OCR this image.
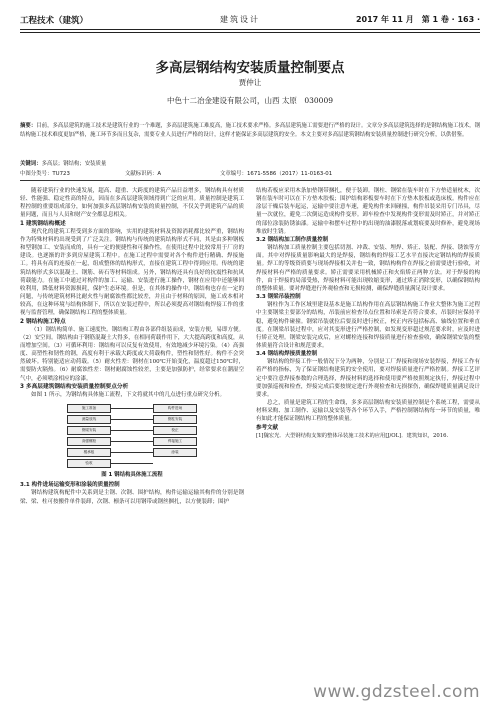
工程技术（建筑）	建筑设计	2017 年 11 月　第 1 卷 · 163 ·
多高层钢结构安装质量控制要点
贾仲让
中色十二冶金建设有限公司，山西 太原　030009
摘要：目前，多高层建筑的施工技术是建筑行业的一个难题，多高层建筑施工难度高，施工技术要求严格。多高层建筑施工需要进行严格的设计。文章分多高层建筑选择的是钢结构施工技术，钢结构施工技术难度更加严格，施工环节多而且复杂，需要专业人员进行严格的设计，这样才能保证多高层建筑的安全。本文主要对多高层建筑钢结构安装质量控制进行研究分析，以供借鉴。
关键词：多高层；钢结构；安装质量
中图分类号：TU723	文献标识码：A	文章编号：1671-5586（2017）11-0163-01

随着建筑行业的快速发展，超高、超重、大跨度的建筑产品日益增多，钢结构具有材质轻、性能强、稳定性高的特点，因而在多高层建筑领域得到广泛的应用。质量控制是建筑工程控制的重要组成部分，如何加强多高层钢结构安装的质量控制，不仅关乎到建筑产品的质量问题，而且与人员和财产安全都息息相关。

1 建筑钢结构概述

现代化的建筑工程受到多方面的影响，实用的建筑材料及资源消耗都比较严重，钢结构作为特殊材料的出现受到了广泛关注。钢结构与传统的建筑结构形式不同，其是由多种钢板和型钢加工、安装而成的，具有一定的便捷性和可操作性，在使用过程中比较常用于厂房的建设。也逐渐的许多到房屋建筑工程中。在施工过程中需要对各个构件进行精确、焊接施工。将具有高的连接在一起，组成整体的结构形式，直接在建筑工程中得到应用。传统的建筑结构形式多以混凝土、钢筋、砖石等材料组成。另外，钢结构还具有良好的抗震性和抗风荷载能力。在施工中通过对构件的加工、运输、安装进行施工操作，钢材在应用中还能够回收利用，降低材料资源损耗，保护生态环境。但是，在其体的操作中，钢结构也存在一定的问题，与传统建筑材料比耐火性与耐腐蚀性都比较差，并且由于材料的原因，施工成本相对较高，在这种环境与结构体制下，所以在安装过程中，所以必须提高对钢结构焊接工作的重视与监督管理，确保钢结构工程的整体质量。

2 钢结构施工特点

（1）钢结构简单、施工速度快。钢结构工程由各部件组装而成，安装方便，易即方便。（2）安空间。钢结构由于钢筋混凝土大得多，在相同荷载作用下，大大提高跨度和高度，从而增加空间。（3）可循环利用：钢结构可以反复有效使用，有效地减少环境污染。（4）高强度、高塑性和韧性的钢，高度有利于承载大跨度或大荷载构件，塑性和韧性好。构件不会突然破坏。特别能适应动荷载。（5）耐火性差：钢材在100℃开始变化，温度超过150℃时，需要防火隔热。（6）耐腐蚀性差：钢材耐腐蚀性较差，主要是加强防护，经常要求在潮湿空气中，必须喷涂相应的涂漆。

3 多高层建筑钢结构安装质量控制要点分析

如图 1 所示，为钢结构具体施工流程，下文将就其中的几点进行重点研究分析。

施工准备	构件进场
测量放线	钢柱安装
钢梁安装	校正
高强螺栓	焊接施工
楼承板	涂装
验收
图 1 钢结构具体施工流程
3.1 构件进场运输变形和涂装的质量控制

钢结构建筑构配件中关系到是主钢、次钢、围护结构，构件运输运输其构件的分别是钢梁、梁、柱可按搬件单件装卸，次钢、檩条可以用钢带或钢丝捆扎，以方便装卸；围护

结构若板应采用木条加垫钢带捆扎，便于装卸。钢柱、钢梁在装车时在下方垫适量枕木，次钢在装车时可以在下方垫木胶板；围护结构彩板要车时在下方垫木胶板或选床板。构件应在涂层干燥后装车起运，运输中要注意车速，避免构件来回碰撞，构件吊装采用专门吊具，尽量一次就位，避免二次倒运造成构件变形。卸车检查中发现构件变形需及时矫正，并对矫正的部位涂装防锈油漆。运输中和摆车过程中的出现的油漆脱落或划痕要及时修补，避免现场堆放时生锈。

3.2 钢结构加工制作质量控制

钢结构加工质量控制主要包括切割、冲裁、安装、埋焊、矫正、装配、焊接、锈蚀等方面。其中对焊接质量影响最大的是焊接，钢结构的焊接工艺水平直接决定钢结构的焊接质量。焊工的等级资质要与现场焊接相关并也一致，钢结构构件在焊接之前需要进行验收，对焊接材料有严格的质量要求。矫正需要采用机械矫正和火焰矫正两种方法。对于焊接的构件，由于焊接的局部受热，焊接材料可能出现收缩变形，通过矫正消除变形，以确保钢结构的整体质量。要对焊缝进行外观检查和无损检测，确保焊缝质量满足设计要求。

3.3 钢梁吊装控制

钢柱作为工作区域里建设基本是施工结构作用在高层钢结构施工作业大整体为施工过程中主要钢梁主要部分的结构，吊装前应检查吊点位置和吊索是否符合要求，吊装时应保持平稳，避免构件碰撞。钢梁吊装就位后要及时进行校正，校正内容包括标高、轴线位置和垂直度。在钢梁吊装过程中，应对其变形进行严格控制，如发现变形超过规范要求时，应及时进行矫正处理。钢梁安装完成后，应对螺栓连接和焊接质量进行检查验收，确保钢梁安装的整体质量符合设计和规范要求。

3.4 钢结构焊接质量控制

钢结构的焊接工作一般情况下分为两种，分别是工厂焊接和现场安装焊接，焊接工作有着严格的指标，为了保证钢结构建筑的安全使用，要对焊接质量进行严格控制。焊接工艺评定中要注意焊接参数的合理选择，焊接材料的选择和使用要严格按照规定执行，焊接过程中要加强巡视和检查，焊接完成后要按规定进行外观检查和无损探伤，确保焊缝质量满足设计要求。

总之，质量是建筑工程的生命线，多多高层钢结构安装质量控制是个系统工程，需要从材料采购、加工制作、运输以及安装等各个环节入手，严格控制钢结构每一环节的质量，唯有如此才能保证钢结构工程的整体质量。

参考文献
[1]魏宏光．大型钢结构支架的整体吊装施工技术的应用[J/OL]．建筑知识，2016.
www.gdzsteel.com
